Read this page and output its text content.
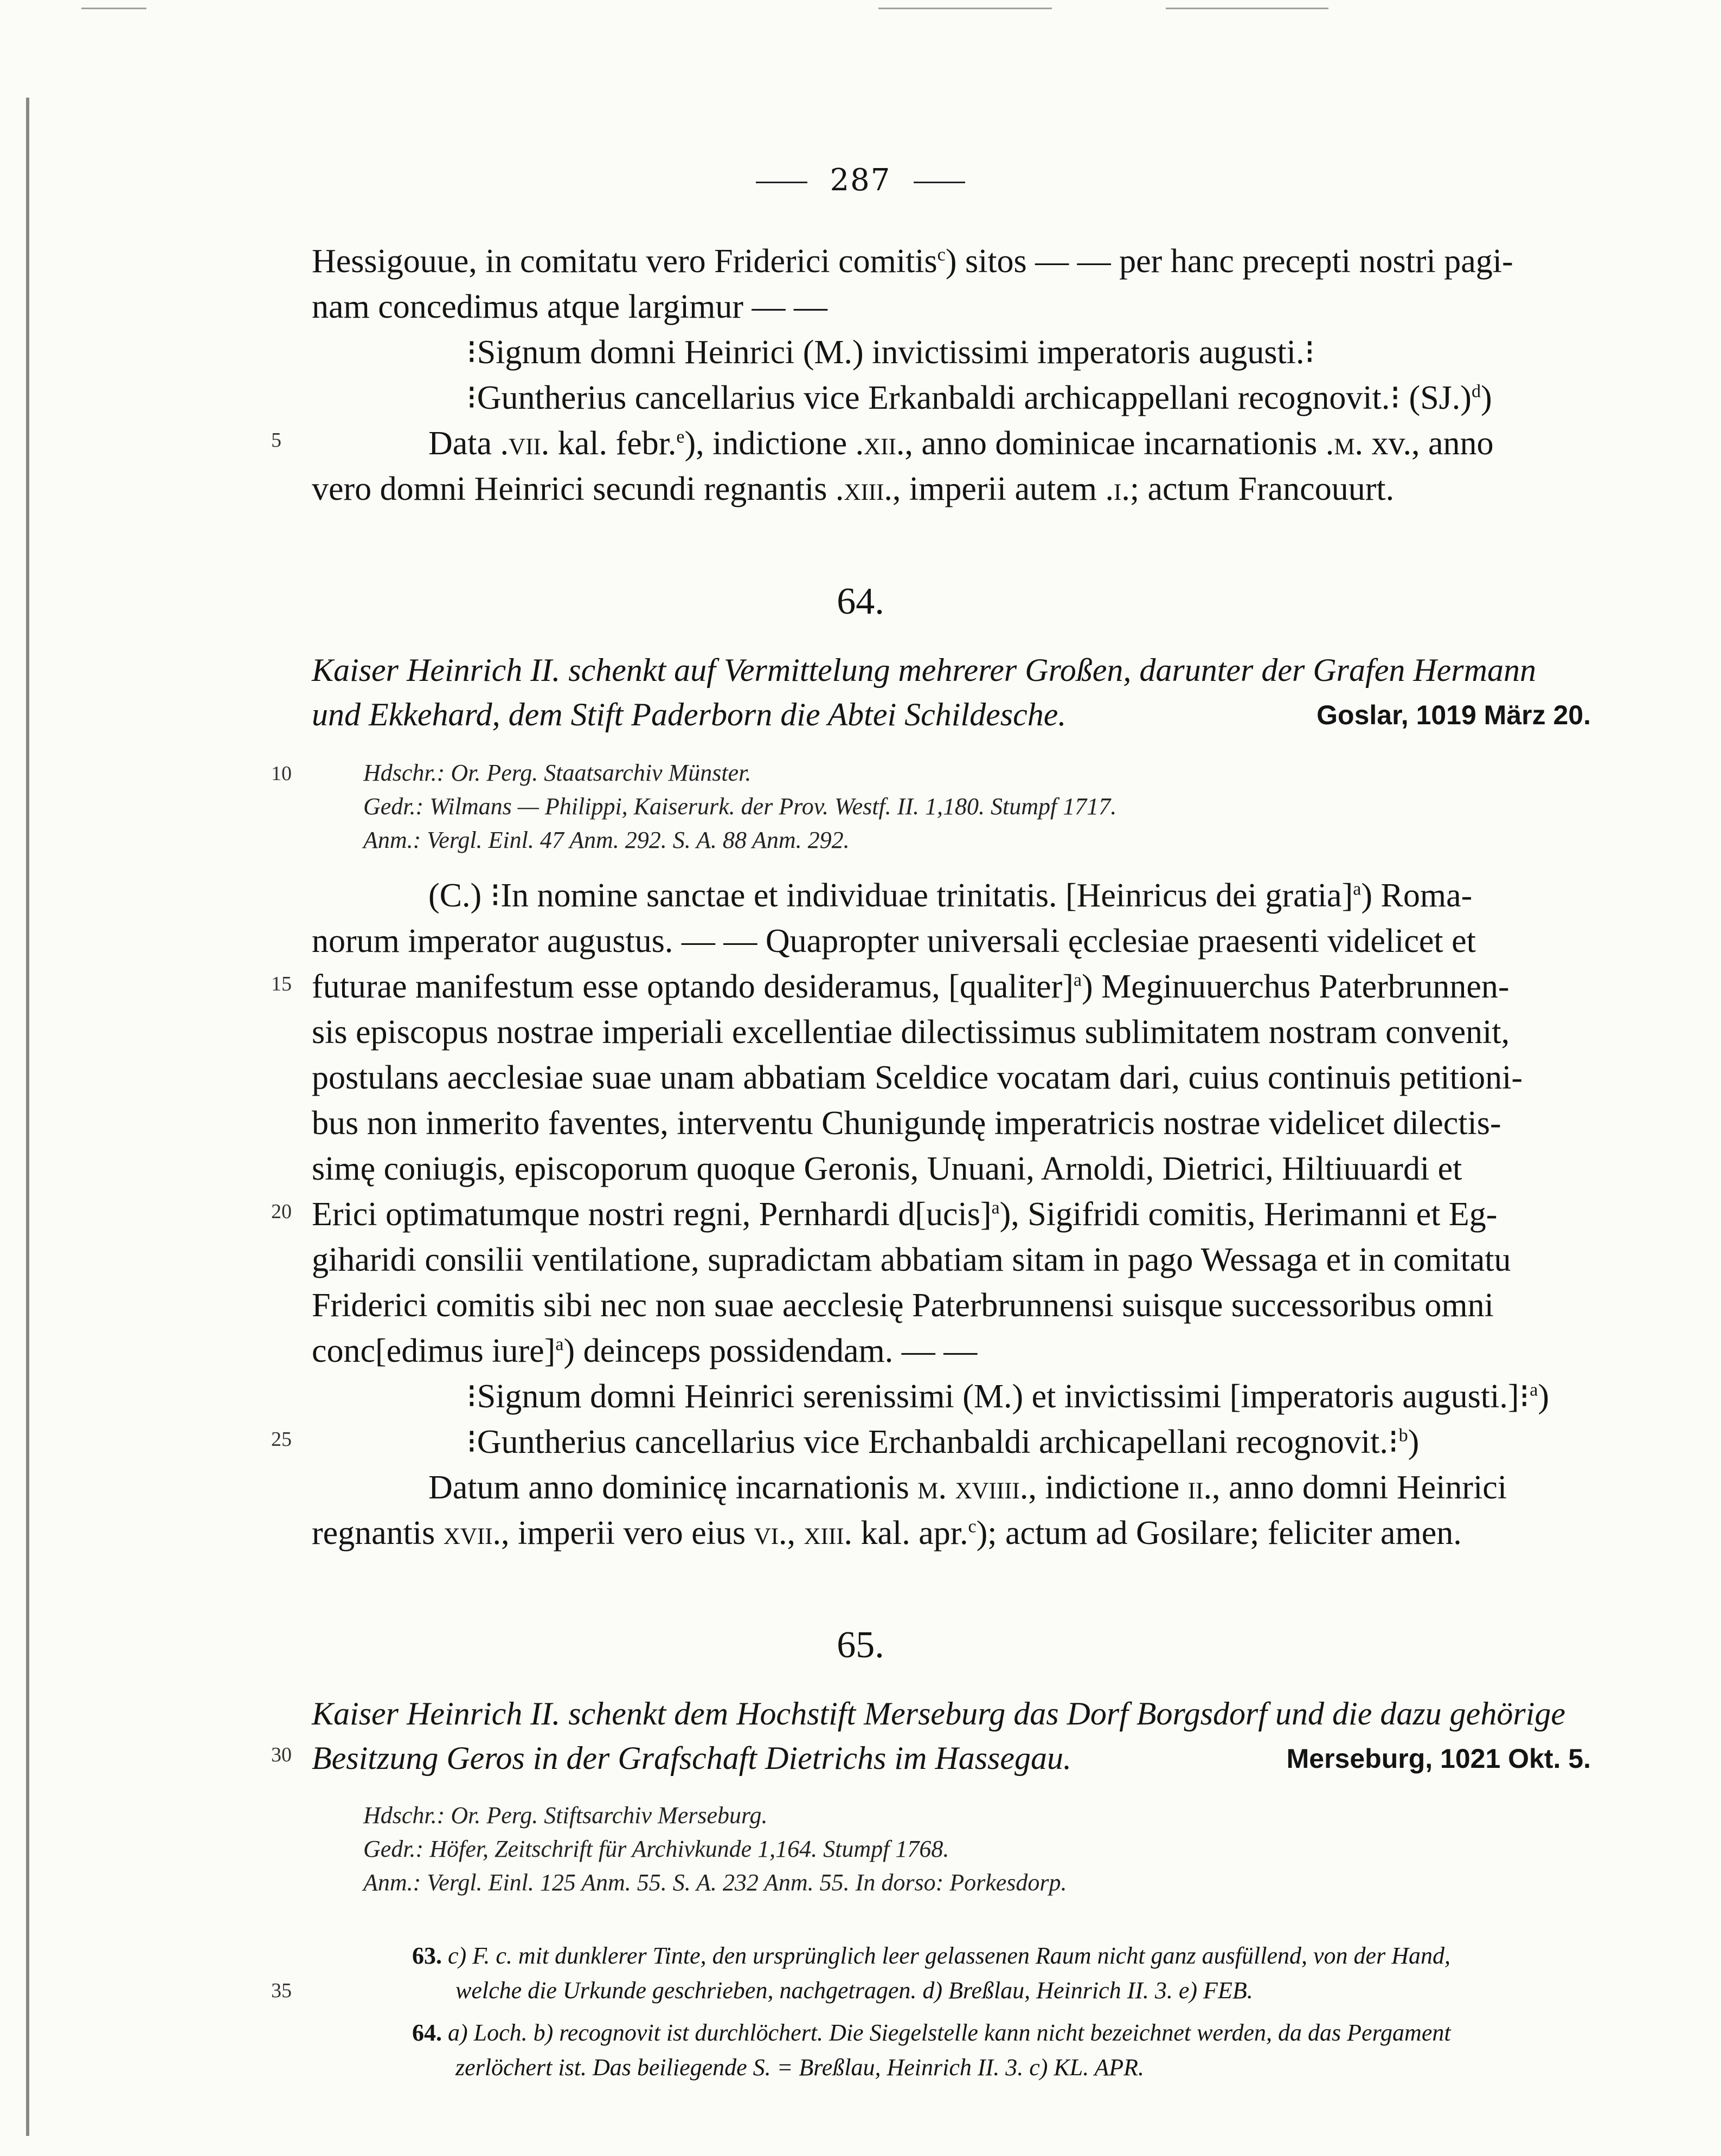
287
Hessigouue, in comitatu vero Friderici comitis$^c$) sitos — — per hanc precepti nostri pagi-
nam concedimus atque largimur — —
⁝Signum domni Heinrici (M.) invictissimi imperatoris augusti.⁝
⁝Guntherius cancellarius vice Erkanbaldi archicappellani recognovit.⁝ $(SJ.)^d$)
5	Data .vii. kal. febr.$^e$), indictione .xii., anno dominicae incarnationis .m. xv., anno
vero domni Heinrici secundi regnantis .xiii., imperii autem .i.; actum Francouurt.
64.
Kaiser Heinrich II. schenkt auf Vermittelung mehrerer Großen, darunter der Grafen Hermann
und Ekkehard, dem Stift Paderborn die Abtei Schildesche.	Goslar, 1019 März 20.
10	Hdschr.: Or. Perg. Staatsarchiv Münster.
Gedr.: Wilmans — Philippi, Kaiserurk. der Prov. Westf. II. 1,180. Stumpf 1717.
Anm.: Vergl. Einl. 47 Anm. 292. S. A. 88 Anm. 292.
(C.) ⁝In nomine sanctae et individuae trinitatis. [Heinricus dei gratia]$^a$) Roma-
norum imperator augustus. — — Quapropter universali ęcclesiae praesenti videlicet et
15 futurae manifestum esse optando desideramus, [qualiter]$^a$) Meginuuerchus Paterbrunnen-
sis episcopus nostrae imperiali excellentiae dilectissimus sublimitatem nostram convenit,
postulans aecclesiae suae unam abbatiam Sceldice vocatam dari, cuius continuis petitioni-
bus non inmerito faventes, interventu Chunigundę imperatricis nostrae videlicet dilectis-
simę coniugis, episcoporum quoque Geronis, Unuani, Arnoldi, Dietrici, Hiltiuuardi et
20 Erici optimatumque nostri regni, Pernhardi d[ucis]$^a$), Sigifridi comitis, Herimanni et Eg-
giharidi consilii ventilatione, supradictam abbatiam sitam in pago Wessaga et in comitatu
Friderici comitis sibi nec non suae aecclesię Paterbrunnensi suisque successoribus omni
conc[edimus iure]$^a$) deinceps possidendam. — —
⁝Signum domni Heinrici serenissimi (M.) et invictissimi [imperatoris augusti.]⁝$^a$)
25	⁝Guntherius cancellarius vice Erchanbaldi archicapellani recognovit.⁝$^b$)
Datum anno dominicę incarnationis m. xviiii., indictione ii., anno domni Heinrici
regnantis xvii., imperii vero eius vi., xiii. kal. apr.$^c$); actum ad Gosilare; feliciter amen.
65.
Kaiser Heinrich II. schenkt dem Hochstift Merseburg das Dorf Borgsdorf und die dazu gehörige
30 Besitzung Geros in der Grafschaft Dietrichs im Hassegau.	Merseburg, 1021 Okt. 5.
Hdschr.: Or. Perg. Stiftsarchiv Merseburg.
Gedr.: Höfer, Zeitschrift für Archivkunde 1,164. Stumpf 1768.
Anm.: Vergl. Einl. 125 Anm. 55. S. A. 232 Anm. 55. In dorso: Porkesdorp.
63. c) F. c. mit dunklerer Tinte, den ursprünglich leer gelassenen Raum nicht ganz ausfüllend, von der Hand,
35	welche die Urkunde geschrieben, nachgetragen. d) Breßlau, Heinrich II. 3. e) FEB.
64. a) Loch. b) recognovit ist durchlöchert. Die Siegelstelle kann nicht bezeichnet werden, da das Pergament
zerlöchert ist. Das beiliegende S. = Breßlau, Heinrich II. 3. c) KL. APR.
